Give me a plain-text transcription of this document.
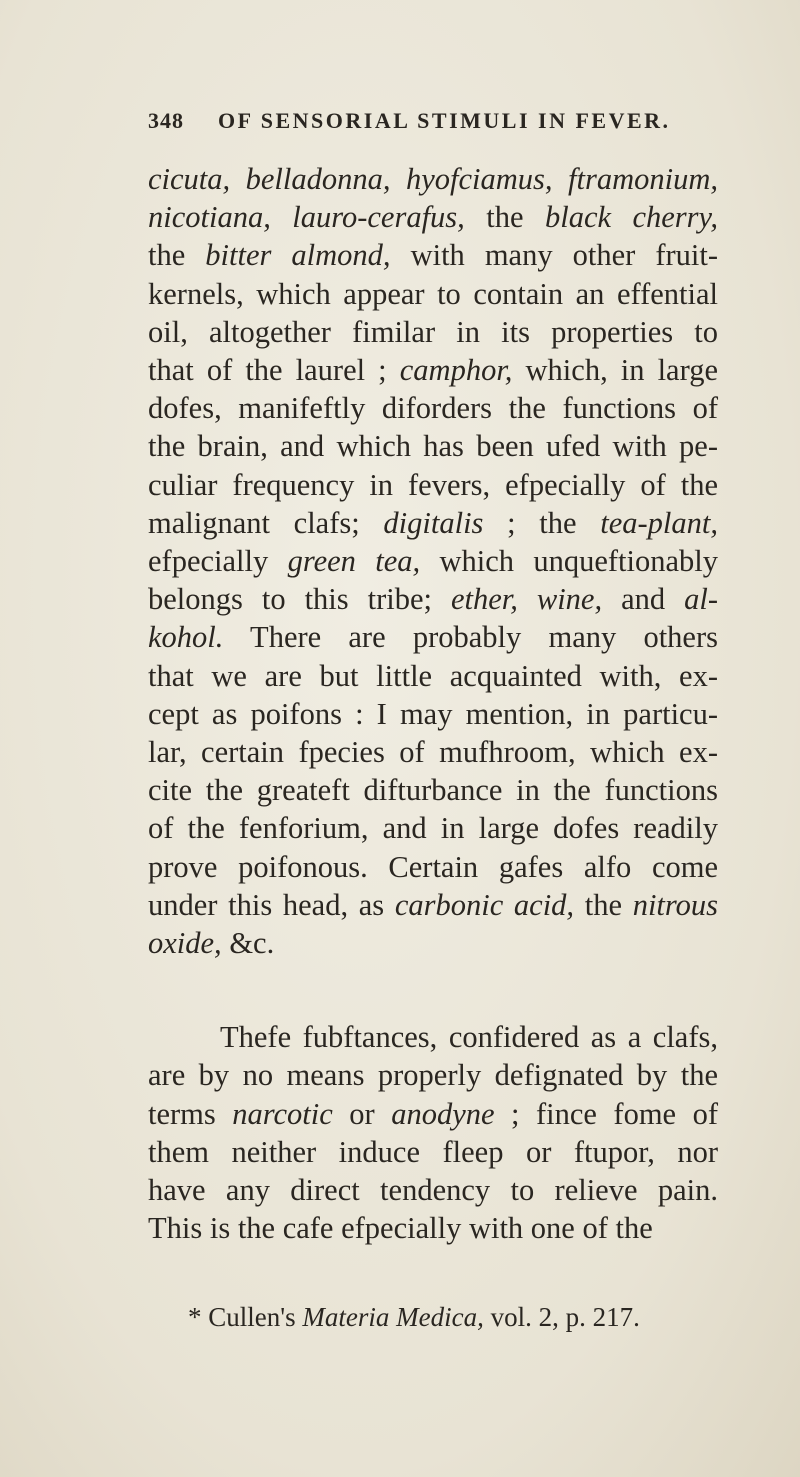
348 OF SENSORIAL STIMULI IN FEVER.
cicuta, belladonna, hyofciamus, ftramonium,
nicotiana, lauro-cerafus, the black cherry,
the bitter almond, with many other fruit-
kernels, which appear to contain an effential
oil, altogether fimilar in its properties to
that of the laurel ; camphor, which, in large
dofes, manifeftly diforders the functions of
the brain, and which has been ufed with pe-
culiar frequency in fevers, efpecially of the
malignant clafs; digitalis ; the tea-plant,
efpecially green tea, which unqueftionably
belongs to this tribe; ether, wine, and al-
kohol. There are probably many others
that we are but little acquainted with, ex-
cept as poifons : I may mention, in particu-
lar, certain fpecies of mufhroom, which ex-
cite the greateft difturbance in the functions
of the fenforium, and in large dofes readily
prove poifonous. Certain gafes alfo come
under this head, as carbonic acid, the nitrous
oxide, &c.
Thefe fubftances, confidered as a clafs,
are by no means properly defignated by the
terms narcotic or anodyne ; fince fome of
them neither induce fleep or ftupor, nor
have any direct tendency to relieve pain.
This is the cafe efpecially with one of the
* Cullen's Materia Medica, vol. 2, p. 217.
